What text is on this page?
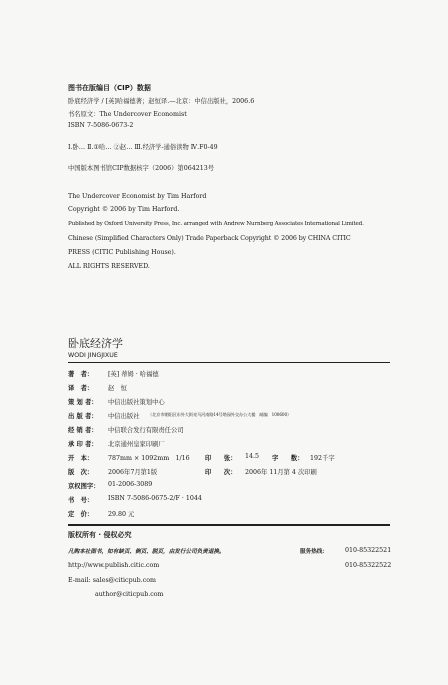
图书在版编目（CIP）数据
卧底经济学 / [英]哈福德著；赵恒译.—北京：中信出版社，2006.6
书名原文：The Undercover Economist
ISBN 7-5086-0673-2
Ⅰ.卧… Ⅱ.①哈… ②赵… Ⅲ.经济学-通俗读物 Ⅳ.F0-49
中国版本图书馆CIP数据核字（2006）第064213号
The Undercover Economist by Tim Harford
Copyright © 2006 by Tim Harford.
Published by Oxford University Press, Inc. arranged with Andrew Nurnberg Associates International Limited.
Chinese (Simplified Characters Only) Trade Paperback Copyright © 2006 by CHINA CITIC
PRESS (CITIC Publishing House).
ALL RIGHTS RESERVED.
卧底经济学
WODI JINGJIXUE
著　者： [英] 蒂姆 · 哈福德
译　者： 赵　恒
策 划 者： 中信出版社策划中心
出 版 者： 中信出版社 （北京市朝阳区东外大街亮马河南路14号塔园外交办公大楼　邮编　100600）
经 销 者： 中信联合发行有限责任公司
承 印 者： 北京通州皇家印刷厂
开　本： 787mm × 1092mm　1/16 印　　张： 14.5 字　　数： 192千字
版　次： 2006年7月第1版	印　　次： 2006年 11月第 4 次印刷
京权图字： 01-2006-3089
书　号： ISBN 7-5086-0675-2/F · 1044
定　价： 29.80 元
版权所有 · 侵权必究
凡购本社图书，如有缺页、倒页、脱页，由发行公司负责退换。	服务热线：	010-85322521
010-85322522
http://www.publish.citic.com
E-mail: sales@citicpub.com
author@citicpub.com
